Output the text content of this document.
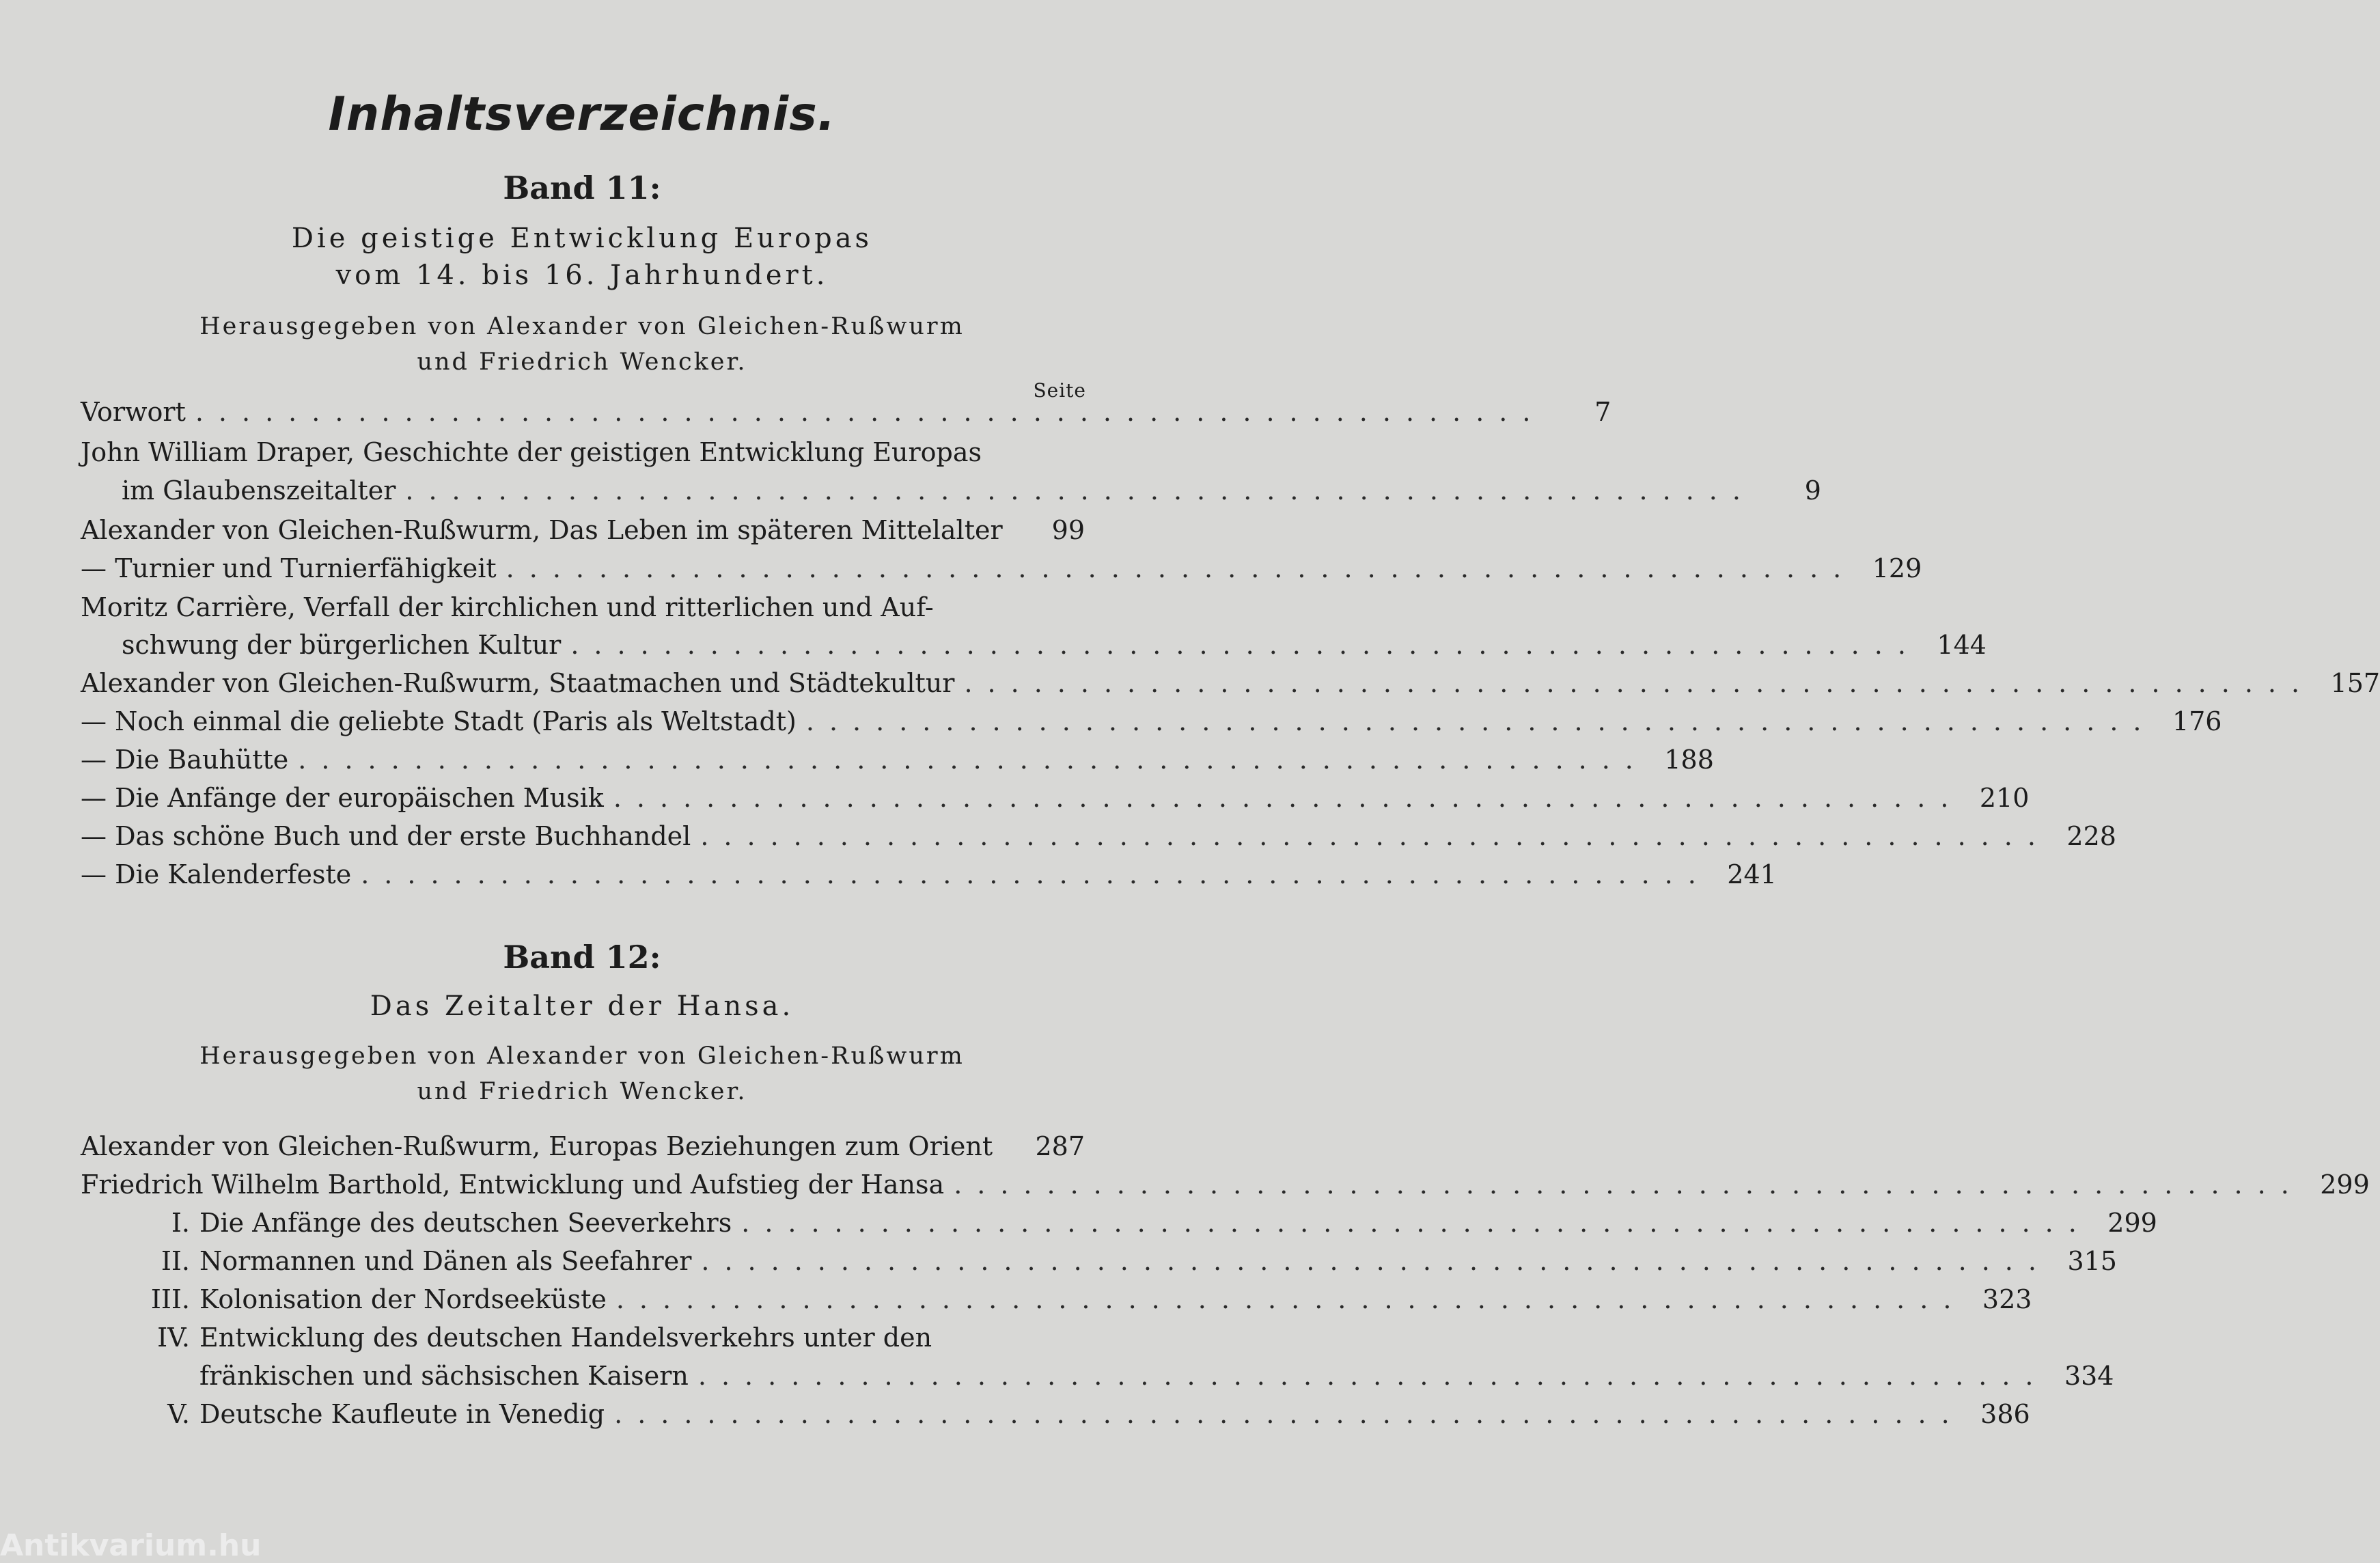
Inhaltsverzeichnis.
Band 11:
Die geistige Entwicklung Europas
vom 14. bis 16. Jahrhundert.
Herausgegeben von Alexander von Gleichen-Rußwurm
und Friedrich Wencker.
Seite
Vorwort ..........................................................	7
John William Draper, Geschichte der geistigen Entwicklung Europas
im Glaubenszeitalter ..........................................................	9
Alexander von Gleichen-Rußwurm, Das Leben im späteren Mittelalter	99
— Turnier und Turnierfähigkeit .......................................................... 129
Moritz Carrière, Verfall der kirchlichen und ritterlichen und Auf-
schwung der bürgerlichen Kultur .......................................................... 144
Alexander von Gleichen-Rußwurm, Staatmachen und Städtekultur .......................................................... 157
— Noch einmal die geliebte Stadt (Paris als Weltstadt) .......................................................... 176
— Die Bauhütte .......................................................... 188
— Die Anfänge der europäischen Musik .......................................................... 210
— Das schöne Buch und der erste Buchhandel .......................................................... 228
— Die Kalenderfeste .......................................................... 241
Band 12:
Das Zeitalter der Hansa.
Herausgegeben von Alexander von Gleichen-Rußwurm
und Friedrich Wencker.
Alexander von Gleichen-Rußwurm, Europas Beziehungen zum Orient	287
Friedrich Wilhelm Barthold, Entwicklung und Aufstieg der Hansa .......................................................... 299
I. Die Anfänge des deutschen Seeverkehrs .......................................................... 299
II. Normannen und Dänen als Seefahrer .......................................................... 315
III. Kolonisation der Nordseeküste .......................................................... 323
IV. Entwicklung des deutschen Handelsverkehrs unter den
fränkischen und sächsischen Kaisern .......................................................... 334
V. Deutsche Kaufleute in Venedig .......................................................... 386
Antikvarium.hu
